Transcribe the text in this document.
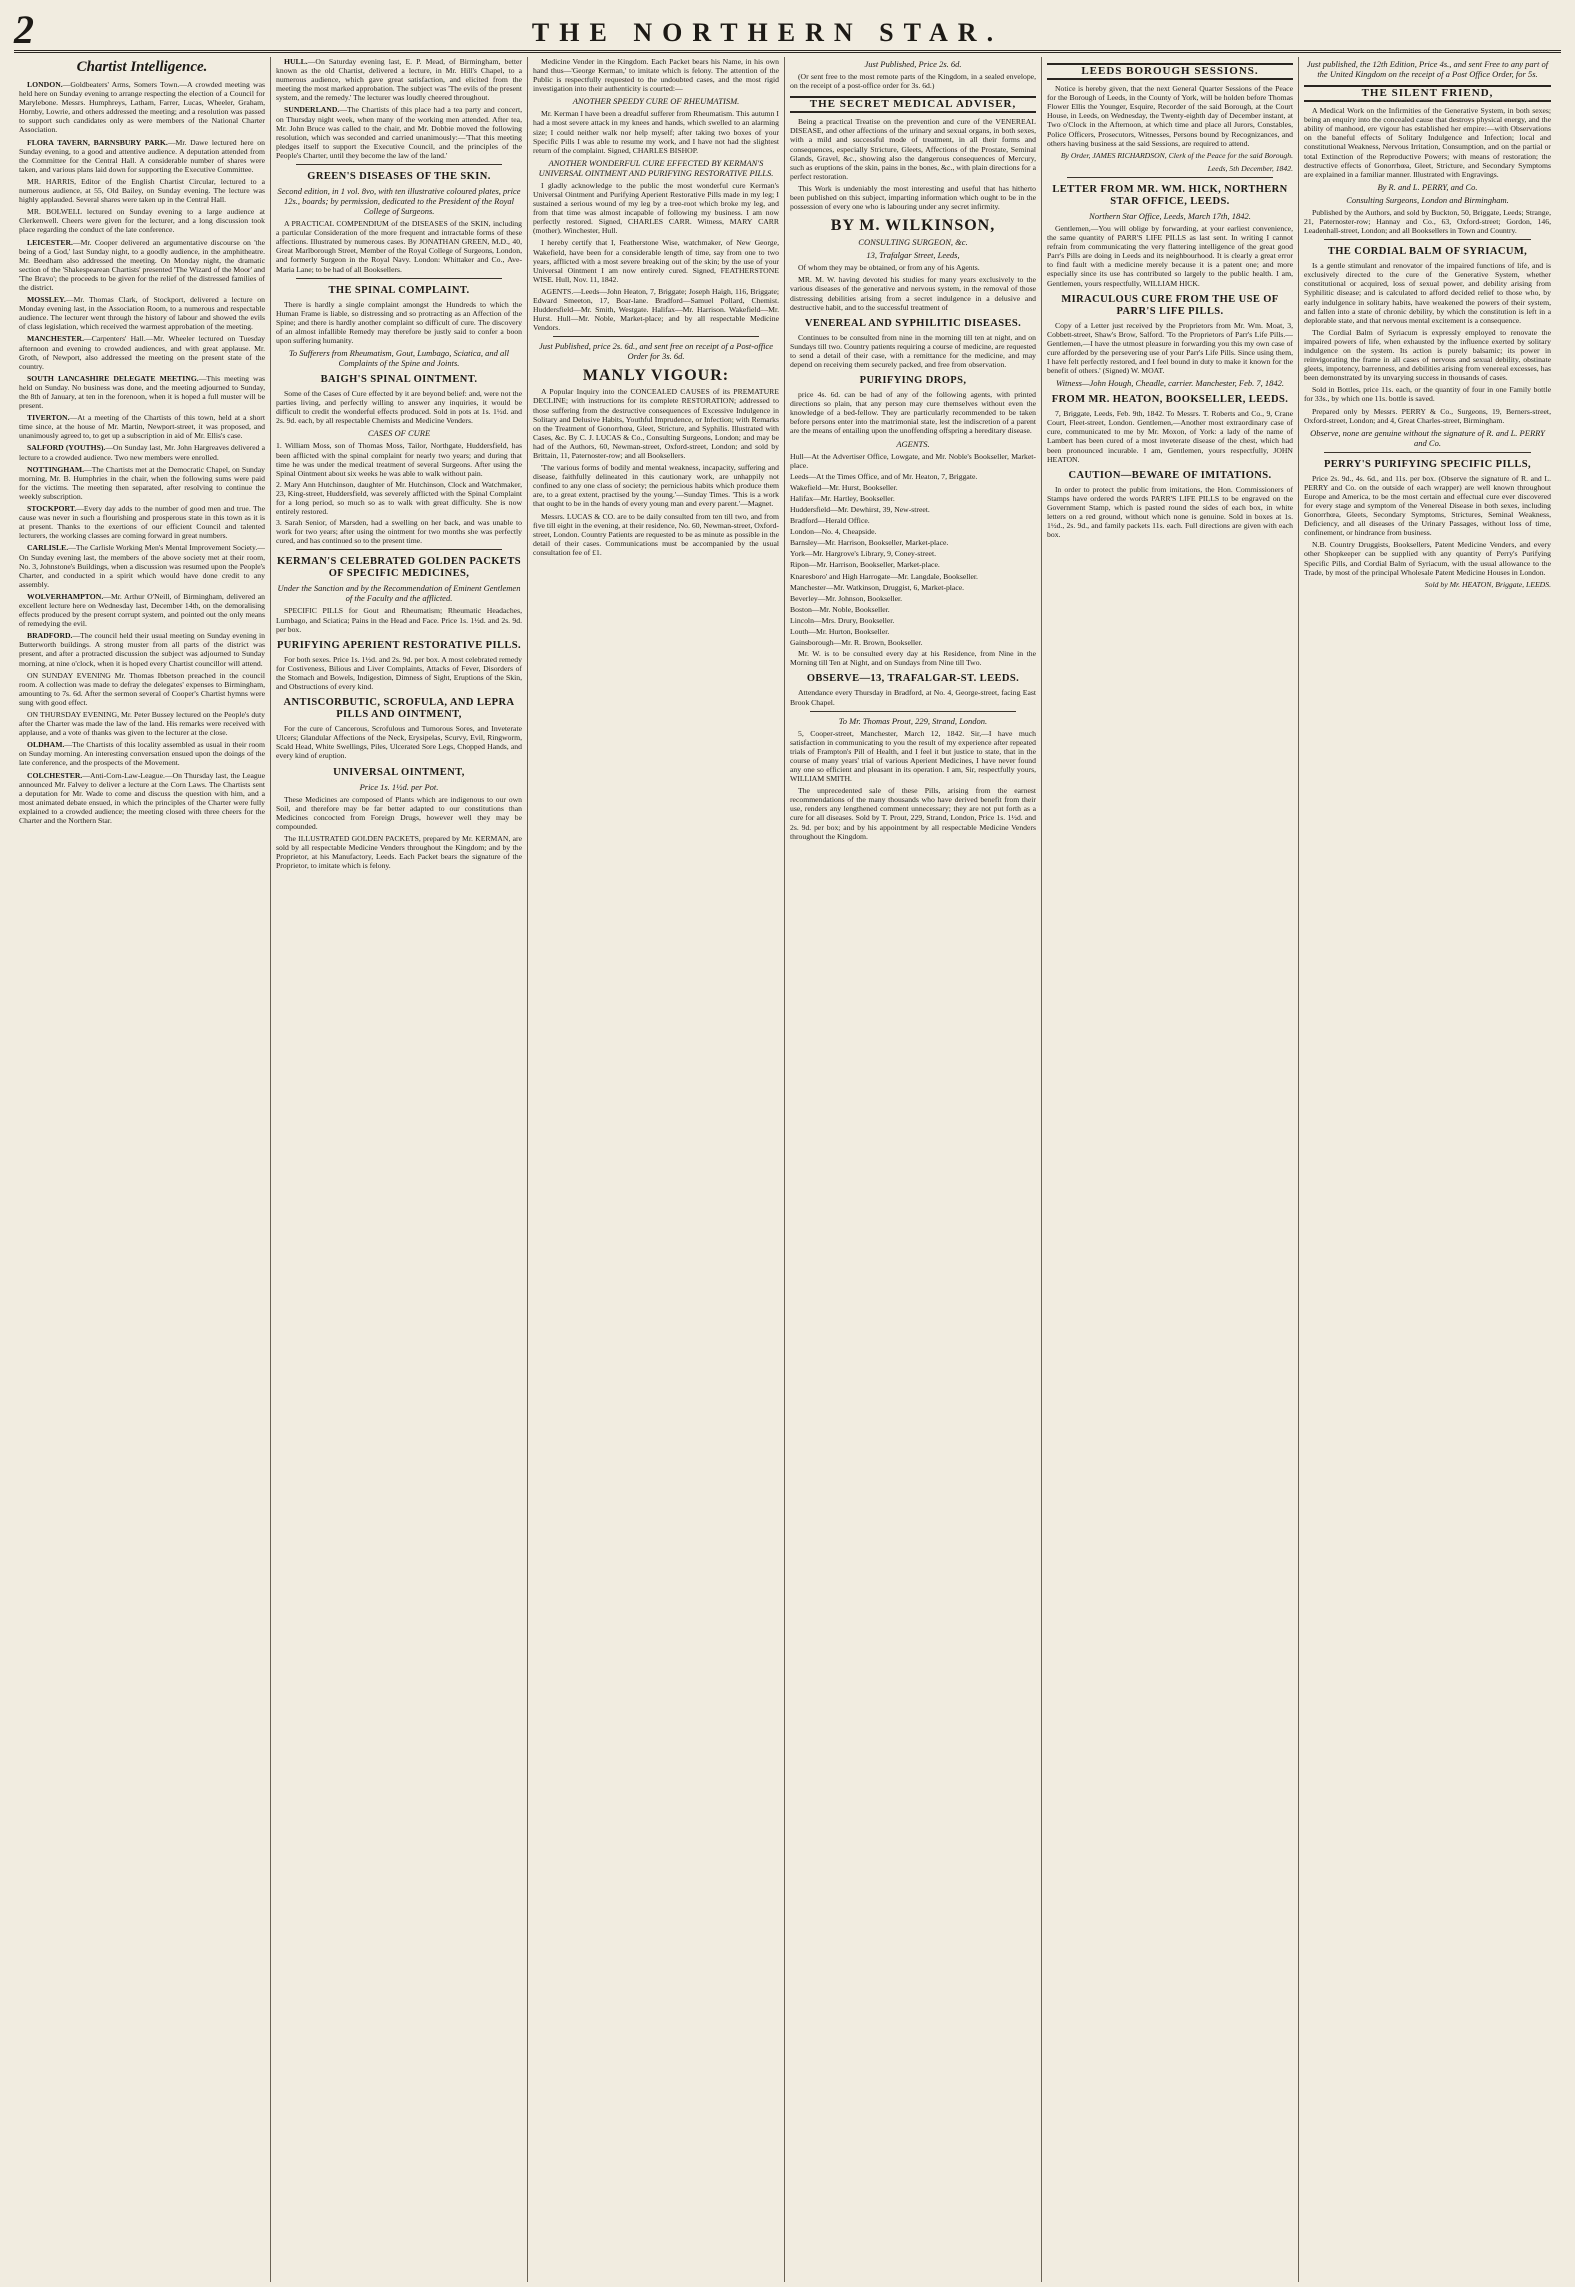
2	THE NORTHERN STAR.
Chartist Intelligence.

LONDON.—Goldbeaters' Arms, Somers Town.—A crowded meeting was held here on Sunday evening to arrange respecting the election of a Council for Marylebone. Messrs. Humphreys, Latham, Farrer, Lucas, Wheeler, Graham, Hornby, Lowrie, and others addressed the meeting; and a resolution was passed to support such candidates only as were members of the National Charter Association.

FLORA TAVERN, BARNSBURY PARK.—Mr. Dawe lectured here on Sunday evening, to a good and attentive audience. A deputation attended from the Committee for the Central Hall. A considerable number of shares were taken, and various plans laid down for supporting the Executive Committee.

MR. HARRIS, Editor of the English Chartist Circular, lectured to a numerous audience, at 55, Old Bailey, on Sunday evening. The lecture was highly applauded. Several shares were taken up in the Central Hall.

MR. BOLWELL lectured on Sunday evening to a large audience at Clerkenwell. Cheers were given for the lecturer, and a long discussion took place regarding the conduct of the late conference.

LEICESTER.—Mr. Cooper delivered an argumentative discourse on 'the being of a God,' last Sunday night, to a goodly audience, in the amphitheatre. Mr. Beedham also addressed the meeting. On Monday night, the dramatic section of the 'Shakespearean Chartists' presented 'The Wizard of the Moor' and 'The Bravo'; the proceeds to be given for the relief of the distressed families of the district.

MOSSLEY.—Mr. Thomas Clark, of Stockport, delivered a lecture on Monday evening last, in the Association Room, to a numerous and respectable audience. The lecturer went through the history of labour and showed the evils of class legislation, which received the warmest approbation of the meeting.

MANCHESTER.—Carpenters' Hall.—Mr. Wheeler lectured on Tuesday afternoon and evening to crowded audiences, and with great applause. Mr. Groth, of Newport, also addressed the meeting on the present state of the country.

SOUTH LANCASHIRE DELEGATE MEETING.—This meeting was held on Sunday. No business was done, and the meeting adjourned to Sunday, the 8th of January, at ten in the forenoon, when it is hoped a full muster will be present.

TIVERTON.—At a meeting of the Chartists of this town, held at a short time since, at the house of Mr. Martin, Newport-street, it was proposed, and unanimously agreed to, to get up a subscription in aid of Mr. Ellis's case.

SALFORD (YOUTHS).—On Sunday last, Mr. John Hargreaves delivered a lecture to a crowded audience. Two new members were enrolled.

NOTTINGHAM.—The Chartists met at the Democratic Chapel, on Sunday morning, Mr. B. Humphries in the chair, when the following sums were paid for the victims. The meeting then separated, after resolving to continue the weekly subscription.

STOCKPORT.—Every day adds to the number of good men and true. The cause was never in such a flourishing and prosperous state in this town as it is at present. Thanks to the exertions of our efficient Council and talented lecturers, the working classes are coming forward in great numbers.

CARLISLE.—The Carlisle Working Men's Mental Improvement Society.—On Sunday evening last, the members of the above society met at their room, No. 3, Johnstone's Buildings, when a discussion was resumed upon the People's Charter, and conducted in a spirit which would have done credit to any assembly.

WOLVERHAMPTON.—Mr. Arthur O'Neill, of Birmingham, delivered an excellent lecture here on Wednesday last, December 14th, on the demoralising effects produced by the present corrupt system, and pointed out the only means of remedying the evil.

BRADFORD.—The council held their usual meeting on Sunday evening in Butterworth buildings. A strong muster from all parts of the district was present, and after a protracted discussion the subject was adjourned to Sunday morning, at nine o'clock, when it is hoped every Chartist councillor will attend.

ON SUNDAY EVENING Mr. Thomas Ibbetson preached in the council room. A collection was made to defray the delegates' expenses to Birmingham, amounting to 7s. 6d. After the sermon several of Cooper's Chartist hymns were sung with good effect.

ON THURSDAY EVENING, Mr. Peter Bussey lectured on the People's duty after the Charter was made the law of the land. His remarks were received with applause, and a vote of thanks was given to the lecturer at the close.

OLDHAM.—The Chartists of this locality assembled as usual in their room on Sunday morning. An interesting conversation ensued upon the doings of the late conference, and the prospects of the Movement.

COLCHESTER.—Anti-Corn-Law-League.—On Thursday last, the League announced Mr. Falvey to deliver a lecture at the Corn Laws. The Chartists sent a deputation for Mr. Wade to come and discuss the question with him, and a most animated debate ensued, in which the principles of the Charter were fully explained to a crowded audience; the meeting closed with three cheers for the Charter and the Northern Star.

HULL.—On Saturday evening last, E. P. Mead, of Birmingham, better known as the old Chartist, delivered a lecture, in Mr. Hill's Chapel, to a numerous audience, which gave great satisfaction, and elicited from the meeting the most marked approbation. The subject was 'The evils of the present system, and the remedy.' The lecturer was loudly cheered throughout.

SUNDERLAND.—The Chartists of this place had a tea party and concert, on Thursday night week, when many of the working men attended. After tea, Mr. John Bruce was called to the chair, and Mr. Dobbie moved the following resolution, which was seconded and carried unanimously:—'That this meeting pledges itself to support the Executive Council, and the principles of the People's Charter, until they become the law of the land.'

GREEN'S DISEASES OF THE SKIN.
Second edition, in 1 vol. 8vo, with ten illustrative coloured plates, price 12s., boards; by permission, dedicated to the President of the Royal College of Surgeons.

A PRACTICAL COMPENDIUM of the DISEASES of the SKIN, including a particular Consideration of the more frequent and intractable forms of these affections. Illustrated by numerous cases. By JONATHAN GREEN, M.D., 40, Great Marlborough Street, Member of the Royal College of Surgeons, London, and formerly Surgeon in the Royal Navy. London: Whittaker and Co., Ave-Maria Lane; to be had of all Booksellers.

THE SPINAL COMPLAINT.

There is hardly a single complaint amongst the Hundreds to which the Human Frame is liable, so distressing and so protracting as an Affection of the Spine; and there is hardly another complaint so difficult of cure. The discovery of an almost infallible Remedy may therefore be justly said to confer a boon upon suffering humanity.

To Sufferers from Rheumatism, Gout, Lumbago, Sciatica, and all Complaints of the Spine and Joints.
BAIGH'S SPINAL OINTMENT.

Some of the Cases of Cure effected by it are beyond belief: and, were not the parties living, and perfectly willing to answer any inquiries, it would be difficult to credit the wonderful effects produced. Sold in pots at 1s. 1½d. and 2s. 9d. each, by all respectable Chemists and Medicine Venders.

CASES OF CURE
1. William Moss, son of Thomas Moss, Tailor, Northgate, Huddersfield, has been afflicted with the spinal complaint for nearly two years; and during that time he was under the medical treatment of several Surgeons. After using the Spinal Ointment about six weeks he was able to walk without pain.
2. Mary Ann Hutchinson, daughter of Mr. Hutchinson, Clock and Watchmaker, 23, King-street, Huddersfield, was severely afflicted with the Spinal Complaint for a long period, so much so as to walk with great difficulty. She is now entirely restored.
3. Sarah Senior, of Marsden, had a swelling on her back, and was unable to work for two years; after using the ointment for two months she was perfectly cured, and has continued so to the present time.
KERMAN'S CELEBRATED GOLDEN PACKETS OF SPECIFIC MEDICINES,
Under the Sanction and by the Recommendation of Eminent Gentlemen of the Faculty and the afflicted.

SPECIFIC PILLS for Gout and Rheumatism; Rheumatic Headaches, Lumbago, and Sciatica; Pains in the Head and Face. Price 1s. 1½d. and 2s. 9d. per box.

PURIFYING APERIENT RESTORATIVE PILLS.

For both sexes. Price 1s. 1½d. and 2s. 9d. per box. A most celebrated remedy for Costiveness, Bilious and Liver Complaints, Attacks of Fever, Disorders of the Stomach and Bowels, Indigestion, Dimness of Sight, Eruptions of the Skin, and Obstructions of every kind.

ANTISCORBUTIC, SCROFULA, AND LEPRA PILLS AND OINTMENT,

For the cure of Cancerous, Scrofulous and Tumorous Sores, and Inveterate Ulcers; Glandular Affections of the Neck, Erysipelas, Scurvy, Evil, Ringworm, Scald Head, White Swellings, Piles, Ulcerated Sore Legs, Chopped Hands, and every kind of eruption.

UNIVERSAL OINTMENT,
Price 1s. 1½d. per Pot.

These Medicines are composed of Plants which are indigenous to our own Soil, and therefore may be far better adapted to our constitutions than Medicines concocted from Foreign Drugs, however well they may be compounded.

The ILLUSTRATED GOLDEN PACKETS, prepared by Mr. KERMAN, are sold by all respectable Medicine Venders throughout the Kingdom; and by the Proprietor, at his Manufactory, Leeds. Each Packet bears the signature of the Proprietor, to imitate which is felony.

Medicine Vender in the Kingdom. Each Packet bears his Name, in his own hand thus—'George Kerman,' to imitate which is felony. The attention of the Public is respectfully requested to the undoubted cases, and the most rigid investigation into their authenticity is courted:—

ANOTHER SPEEDY CURE OF RHEUMATISM.

Mr. Kerman I have been a dreadful sufferer from Rheumatism. This autumn I had a most severe attack in my knees and hands, which swelled to an alarming size; I could neither walk nor help myself; after taking two boxes of your Specific Pills I was able to resume my work, and I have not had the slightest return of the complaint. Signed, CHARLES BISHOP.

ANOTHER WONDERFUL CURE EFFECTED BY KERMAN'S UNIVERSAL OINTMENT AND PURIFYING RESTORATIVE PILLS.

I gladly acknowledge to the public the most wonderful cure Kerman's Universal Ointment and Purifying Aperient Restorative Pills made in my leg; I sustained a serious wound of my leg by a tree-root which broke my leg, and from that time was almost incapable of following my business. I am now perfectly restored. Signed, CHARLES CARR. Witness, MARY CARR (mother). Winchester, Hull.

I hereby certify that I, Featherstone Wise, watchmaker, of New George, Wakefield, have been for a considerable length of time, say from one to two years, afflicted with a most severe breaking out of the skin; by the use of your Universal Ointment I am now entirely cured. Signed, FEATHERSTONE WISE. Hull, Nov. 11, 1842.

AGENTS.—Leeds—John Heaton, 7, Briggate; Joseph Haigh, 116, Briggate; Edward Smeeton, 17, Boar-lane. Bradford—Samuel Pollard, Chemist. Huddersfield—Mr. Smith, Westgate. Halifax—Mr. Harrison. Wakefield—Mr. Hurst. Hull—Mr. Noble, Market-place; and by all respectable Medicine Vendors.

Just Published, price 2s. 6d., and sent free on receipt of a Post-office Order for 3s. 6d.
MANLY VIGOUR:

A Popular Inquiry into the CONCEALED CAUSES of its PREMATURE DECLINE; with instructions for its complete RESTORATION; addressed to those suffering from the destructive consequences of Excessive Indulgence in Solitary and Delusive Habits, Youthful Imprudence, or Infection; with Remarks on the Treatment of Gonorrhœa, Gleet, Stricture, and Syphilis. Illustrated with Cases, &c. By C. J. LUCAS & Co., Consulting Surgeons, London; and may be had of the Authors, 60, Newman-street, Oxford-street, London; and sold by Brittain, 11, Paternoster-row; and all Booksellers.

'The various forms of bodily and mental weakness, incapacity, suffering and disease, faithfully delineated in this cautionary work, are unhappily not confined to any one class of society; the pernicious habits which produce them are, to a great extent, practised by the young.'—Sunday Times. 'This is a work that ought to be in the hands of every young man and every parent.'—Magnet.

Messrs. LUCAS & CO. are to be daily consulted from ten till two, and from five till eight in the evening, at their residence, No. 60, Newman-street, Oxford-street, London. Country Patients are requested to be as minute as possible in the detail of their cases. Communications must be accompanied by the usual consultation fee of £1.

Just Published, Price 2s. 6d.

(Or sent free to the most remote parts of the Kingdom, in a sealed envelope, on the receipt of a post-office order for 3s. 6d.)

THE SECRET MEDICAL ADVISER,

Being a practical Treatise on the prevention and cure of the VENEREAL DISEASE, and other affections of the urinary and sexual organs, in both sexes, with a mild and successful mode of treatment, in all their forms and consequences, especially Stricture, Gleets, Affections of the Prostate, Seminal Glands, Gravel, &c., showing also the dangerous consequences of Mercury, such as eruptions of the skin, pains in the bones, &c., with plain directions for a perfect restoration.

This Work is undeniably the most interesting and useful that has hitherto been published on this subject, imparting information which ought to be in the possession of every one who is labouring under any secret infirmity.

BY M. WILKINSON,
CONSULTING SURGEON, &c.
13, Trafalgar Street, Leeds,

Of whom they may be obtained, or from any of his Agents.

MR. M. W. having devoted his studies for many years exclusively to the various diseases of the generative and nervous system, in the removal of those distressing debilities arising from a secret indulgence in a delusive and destructive habit, and to the successful treatment of

VENEREAL AND SYPHILITIC DISEASES.

Continues to be consulted from nine in the morning till ten at night, and on Sundays till two. Country patients requiring a course of medicine, are requested to send a detail of their case, with a remittance for the medicine, and may depend on receiving them securely packed, and free from observation.

PURIFYING DROPS,

price 4s. 6d. can be had of any of the following agents, with printed directions so plain, that any person may cure themselves without even the knowledge of a bed-fellow. They are particularly recommended to be taken before persons enter into the matrimonial state, lest the indiscretion of a parent are the means of entailing upon the unoffending offspring a hereditary disease.

AGENTS.
Hull—At the Advertiser Office, Lowgate, and Mr. Noble's Bookseller, Market-place.
Leeds—At the Times Office, and of Mr. Heaton, 7, Briggate.
Wakefield—Mr. Hurst, Bookseller.
Halifax—Mr. Hartley, Bookseller.
Huddersfield—Mr. Dewhirst, 39, New-street.
Bradford—Herald Office.
London—No. 4, Cheapside.
Barnsley—Mr. Harrison, Bookseller, Market-place.
York—Mr. Hargrove's Library, 9, Coney-street.
Ripon—Mr. Harrison, Bookseller, Market-place.
Knaresboro' and High Harrogate—Mr. Langdale, Bookseller.
Manchester—Mr. Watkinson, Druggist, 6, Market-place.
Beverley—Mr. Johnson, Bookseller.
Boston—Mr. Noble, Bookseller.
Lincoln—Mrs. Drury, Bookseller.
Louth—Mr. Hurton, Bookseller.
Gainsborough—Mr. R. Brown, Bookseller.

Mr. W. is to be consulted every day at his Residence, from Nine in the Morning till Ten at Night, and on Sundays from Nine till Two.

OBSERVE—13, TRAFALGAR-ST. LEEDS.

Attendance every Thursday in Bradford, at No. 4, George-street, facing East Brook Chapel.

To Mr. Thomas Prout, 229, Strand, London.

5, Cooper-street, Manchester, March 12, 1842. Sir,—I have much satisfaction in communicating to you the result of my experience after repeated trials of Frampton's Pill of Health, and I feel it but justice to state, that in the course of many years' trial of various Aperient Medicines, I have never found any one so efficient and pleasant in its operation. I am, Sir, respectfully yours, WILLIAM SMITH.

The unprecedented sale of these Pills, arising from the earnest recommendations of the many thousands who have derived benefit from their use, renders any lengthened comment unnecessary; they are not put forth as a cure for all diseases. Sold by T. Prout, 229, Strand, London, Price 1s. 1½d. and 2s. 9d. per box; and by his appointment by all respectable Medicine Venders throughout the Kingdom.

LEEDS BOROUGH SESSIONS.

Notice is hereby given, that the next General Quarter Sessions of the Peace for the Borough of Leeds, in the County of York, will be holden before Thomas Flower Ellis the Younger, Esquire, Recorder of the said Borough, at the Court House, in Leeds, on Wednesday, the Twenty-eighth day of December instant, at Two o'Clock in the Afternoon, at which time and place all Jurors, Constables, Police Officers, Prosecutors, Witnesses, Persons bound by Recognizances, and others having business at the said Sessions, are required to attend.

By Order, JAMES RICHARDSON, Clerk of the Peace for the said Borough.
Leeds, 5th December, 1842.
LETTER FROM MR. WM. HICK, NORTHERN STAR OFFICE, LEEDS.
Northern Star Office, Leeds, March 17th, 1842.

Gentlemen,—You will oblige by forwarding, at your earliest convenience, the same quantity of PARR'S LIFE PILLS as last sent. In writing I cannot refrain from communicating the very flattering intelligence of the great good Parr's Pills are doing in Leeds and its neighbourhood. It is clearly a great error to find fault with a medicine merely because it is a patent one; and more especially since its use has contributed so largely to the public health. I am, Gentlemen, yours respectfully, WILLIAM HICK.

MIRACULOUS CURE FROM THE USE OF PARR'S LIFE PILLS.

Copy of a Letter just received by the Proprietors from Mr. Wm. Moat, 3, Cobbett-street, Shaw's Brow, Salford. 'To the Proprietors of Parr's Life Pills.—Gentlemen,—I have the utmost pleasure in forwarding you this my own case of cure afforded by the persevering use of your Parr's Life Pills. Since using them, I have felt perfectly restored, and I feel bound in duty to make it known for the benefit of others.' (Signed) W. MOAT.

Witness—John Hough, Cheadle, carrier. Manchester, Feb. 7, 1842.
FROM MR. HEATON, BOOKSELLER, LEEDS.

7, Briggate, Leeds, Feb. 9th, 1842. To Messrs. T. Roberts and Co., 9, Crane Court, Fleet-street, London. Gentlemen,—Another most extraordinary case of cure, communicated to me by Mr. Moxon, of York: a lady of the name of Lambert has been cured of a most inveterate disease of the chest, which had been pronounced incurable. I am, Gentlemen, yours respectfully, JOHN HEATON.

CAUTION—BEWARE OF IMITATIONS.

In order to protect the public from imitations, the Hon. Commissioners of Stamps have ordered the words PARR'S LIFE PILLS to be engraved on the Government Stamp, which is pasted round the sides of each box, in white letters on a red ground, without which none is genuine. Sold in boxes at 1s. 1½d., 2s. 9d., and family packets 11s. each. Full directions are given with each box.

Just published, the 12th Edition, Price 4s., and sent Free to any part of the United Kingdom on the receipt of a Post Office Order, for 5s.
THE SILENT FRIEND,

A Medical Work on the Infirmities of the Generative System, in both sexes; being an enquiry into the concealed cause that destroys physical energy, and the ability of manhood, ere vigour has established her empire:—with Observations on the baneful effects of Solitary Indulgence and Infection; local and constitutional Weakness, Nervous Irritation, Consumption, and on the partial or total Extinction of the Reproductive Powers; with means of restoration; the destructive effects of Gonorrhœa, Gleet, Stricture, and Secondary Symptoms are explained in a familiar manner. Illustrated with Engravings.

By R. and L. PERRY, and Co.
Consulting Surgeons, London and Birmingham.

Published by the Authors, and sold by Buckton, 50, Briggate, Leeds; Strange, 21, Paternoster-row; Hannay and Co., 63, Oxford-street; Gordon, 146, Leadenhall-street, London; and all Booksellers in Town and Country.

THE CORDIAL BALM OF SYRIACUM,

Is a gentle stimulant and renovator of the impaired functions of life, and is exclusively directed to the cure of the Generative System, whether constitutional or acquired, loss of sexual power, and debility arising from Syphilitic disease; and is calculated to afford decided relief to those who, by early indulgence in solitary habits, have weakened the powers of their system, and fallen into a state of chronic debility, by which the constitution is left in a deplorable state, and that nervous mental excitement is a consequence.

The Cordial Balm of Syriacum is expressly employed to renovate the impaired powers of life, when exhausted by the influence exerted by solitary indulgence on the system. Its action is purely balsamic; its power in reinvigorating the frame in all cases of nervous and sexual debility, obstinate gleets, impotency, barrenness, and debilities arising from venereal excesses, has been demonstrated by its unvarying success in thousands of cases.

Sold in Bottles, price 11s. each, or the quantity of four in one Family bottle for 33s., by which one 11s. bottle is saved.

Prepared only by Messrs. PERRY & Co., Surgeons, 19, Berners-street, Oxford-street, London; and 4, Great Charles-street, Birmingham.

Observe, none are genuine without the signature of R. and L. PERRY and Co.
PERRY'S PURIFYING SPECIFIC PILLS,

Price 2s. 9d., 4s. 6d., and 11s. per box. (Observe the signature of R. and L. PERRY and Co. on the outside of each wrapper) are well known throughout Europe and America, to be the most certain and effectual cure ever discovered for every stage and symptom of the Venereal Disease in both sexes, including Gonorrhœa, Gleets, Secondary Symptoms, Strictures, Seminal Weakness, Deficiency, and all diseases of the Urinary Passages, without loss of time, confinement, or hindrance from business.

N.B. Country Druggists, Booksellers, Patent Medicine Venders, and every other Shopkeeper can be supplied with any quantity of Perry's Purifying Specific Pills, and Cordial Balm of Syriacum, with the usual allowance to the Trade, by most of the principal Wholesale Patent Medicine Houses in London.

Sold by Mr. HEATON, Briggate, LEEDS.
